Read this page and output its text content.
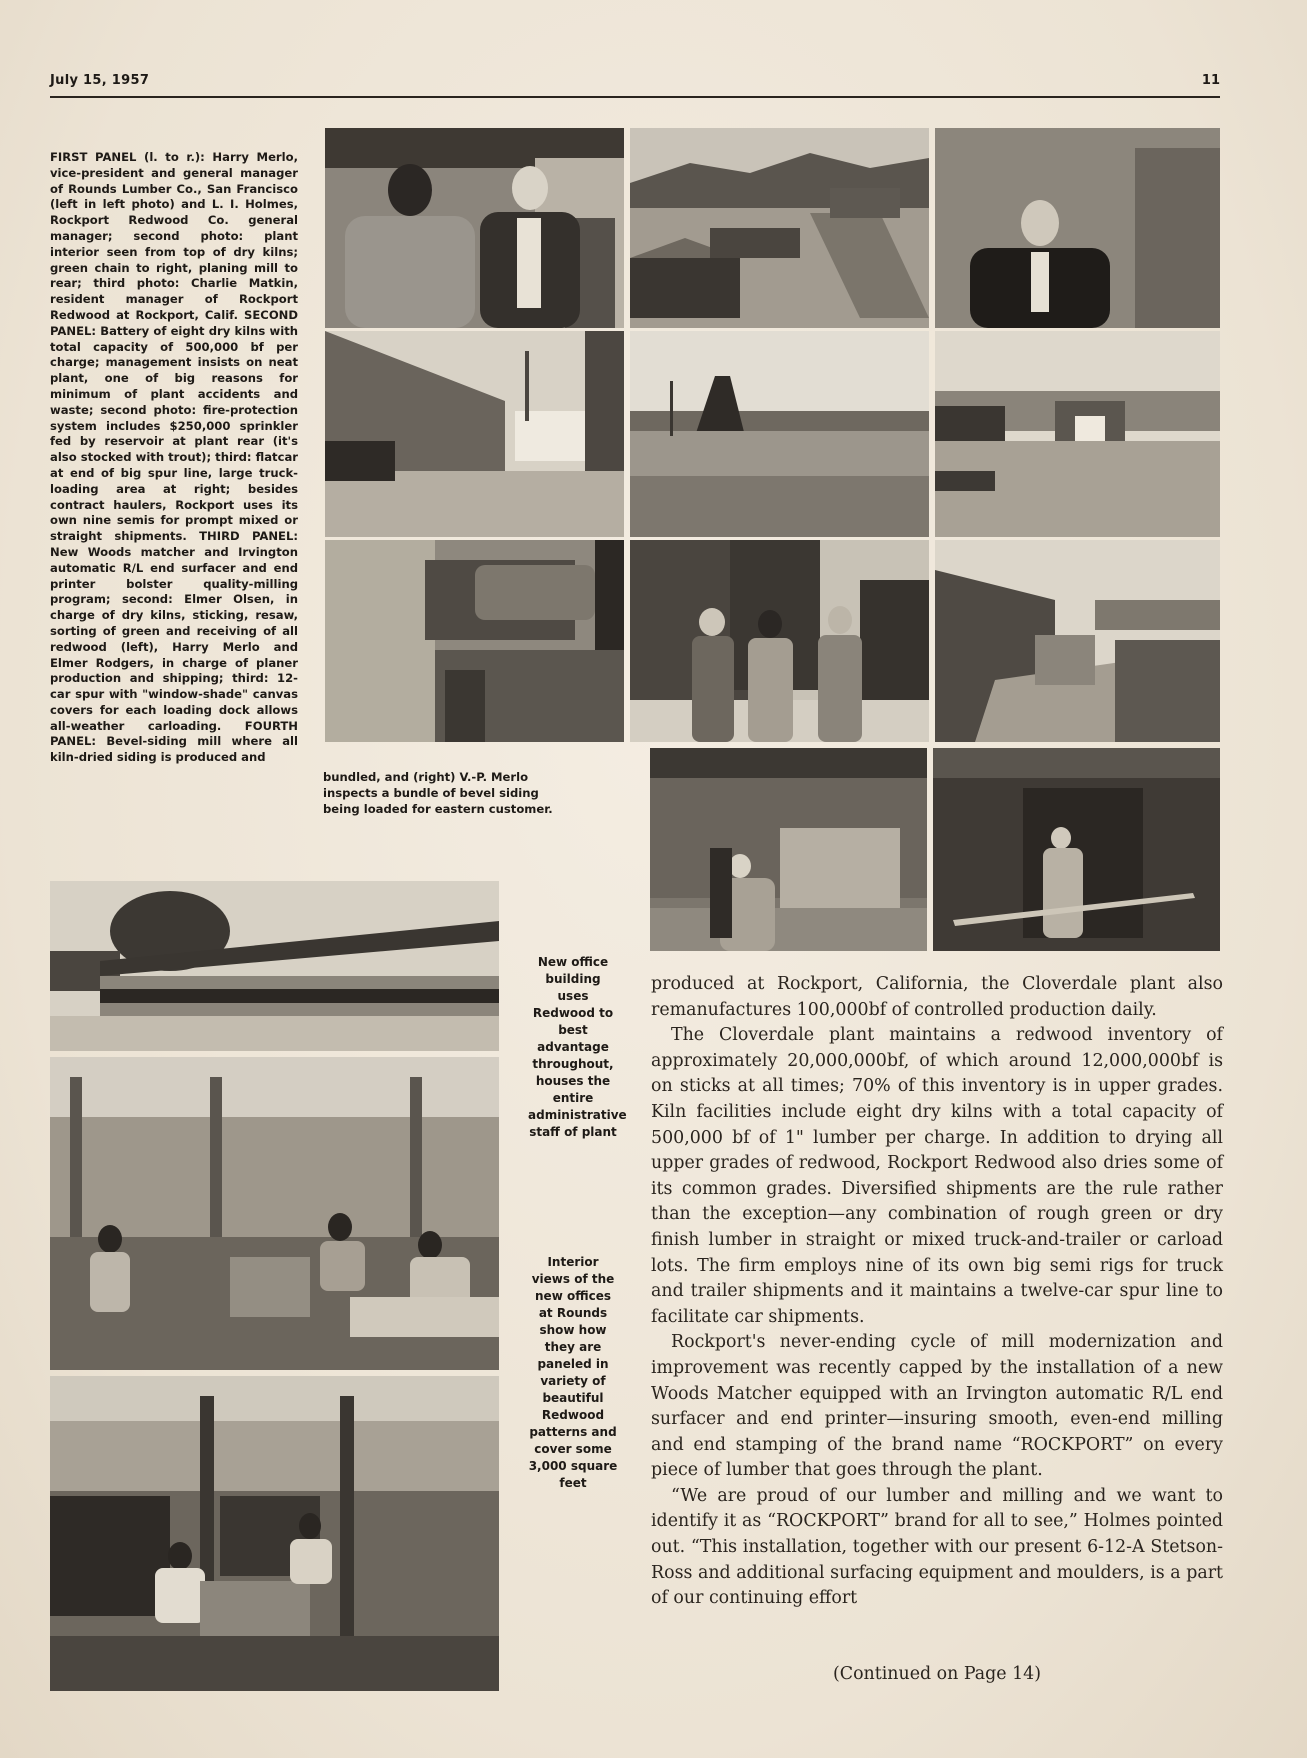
July 15, 1957	11
FIRST PANEL (l. to r.): Harry Merlo, vice-president and general manager of Rounds Lumber Co., San Francisco (left in left photo) and L. I. Holmes, Rockport Redwood Co. general manager; second photo: plant interior seen from top of dry kilns; green chain to right, planing mill to rear; third photo: Charlie Matkin, resident manager of Rockport Redwood at Rockport, Calif. SECOND PANEL: Battery of eight dry kilns with total capacity of 500,000 bf per charge; management insists on neat plant, one of big reasons for minimum of plant accidents and waste; second photo: fire-protection system includes $250,000 sprinkler fed by reservoir at plant rear (it's also stocked with trout); third: flatcar at end of big spur line, large truck-loading area at right; besides contract haulers, Rockport uses its own nine semis for prompt mixed or straight shipments. THIRD PANEL: New Woods matcher and Irvington automatic R/L end surfacer and end printer bolster quality-milling program; second: Elmer Olsen, in charge of dry kilns, sticking, resaw, sorting of green and receiving of all redwood (left), Harry Merlo and Elmer Rodgers, in charge of planer production and shipping; third: 12-car spur with "window-shade" canvas covers for each loading dock allows all-weather carloading. FOURTH PANEL: Bevel-siding mill where all kiln-dried siding is produced and
bundled, and (right) V.-P. Merlo inspects a bundle of bevel siding being loaded for eastern customer.
New office building uses Redwood to best advantage throughout, houses the entire administrative staff of plant
Interior views of the new offices at Rounds show how they are paneled in variety of beautiful Redwood patterns and cover some 3,000 square feet

produced at Rockport, California, the Cloverdale plant also remanufactures 100,000bf of controlled production daily.

The Cloverdale plant maintains a redwood inventory of approximately 20,000,000bf, of which around 12,000,000bf is on sticks at all times; 70% of this inventory is in upper grades. Kiln facilities include eight dry kilns with a total capacity of 500,000 bf of 1" lumber per charge. In addition to drying all upper grades of redwood, Rockport Redwood also dries some of its common grades. Diversified shipments are the rule rather than the exception—any combination of rough green or dry finish lumber in straight or mixed truck-and-trailer or carload lots. The firm employs nine of its own big semi rigs for truck and trailer shipments and it maintains a twelve-car spur line to facilitate car shipments.

Rockport's never-ending cycle of mill modernization and improvement was recently capped by the installation of a new Woods Matcher equipped with an Irvington automatic R/L end surfacer and end printer—insuring smooth, even-end milling and end stamping of the brand name “ROCKPORT” on every piece of lumber that goes through the plant.

“We are proud of our lumber and milling and we want to identify it as “ROCKPORT” brand for all to see,” Holmes pointed out. “This installation, together with our present 6-12-A Stetson-Ross and additional surfacing equipment and moulders, is a part of our continuing effort

(Continued on Page 14)
